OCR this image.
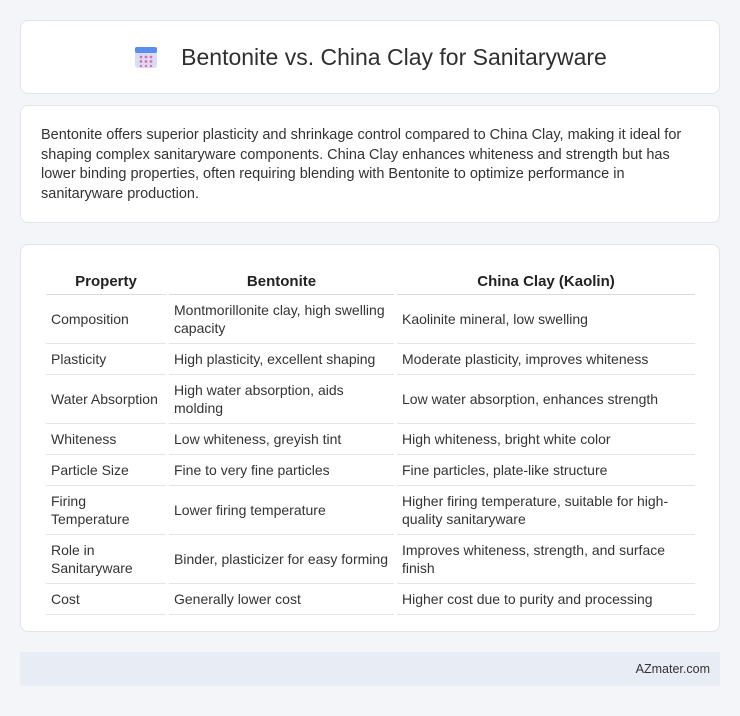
Bentonite vs. China Clay for Sanitaryware

Bentonite offers superior plasticity and shrinkage control compared to China Clay, making it ideal for shaping complex sanitaryware components. China Clay enhances whiteness and strength but has lower binding properties, often requiring blending with Bentonite to optimize performance in sanitaryware production.

Property	Bentonite	China Clay (Kaolin)
Composition	Montmorillonite clay, high swelling capacity	Kaolinite mineral, low swelling
Plasticity	High plasticity, excellent shaping	Moderate plasticity, improves whiteness
Water Absorption	High water absorption, aids molding	Low water absorption, enhances strength
Whiteness	Low whiteness, greyish tint	High whiteness, bright white color
Particle Size	Fine to very fine particles	Fine particles, plate-like structure
Firing Temperature	Lower firing temperature	Higher firing temperature, suitable for high-quality sanitaryware
Role in Sanitaryware	Binder, plasticizer for easy forming	Improves whiteness, strength, and surface finish
Cost	Generally lower cost	Higher cost due to purity and processing
AZmater.com
